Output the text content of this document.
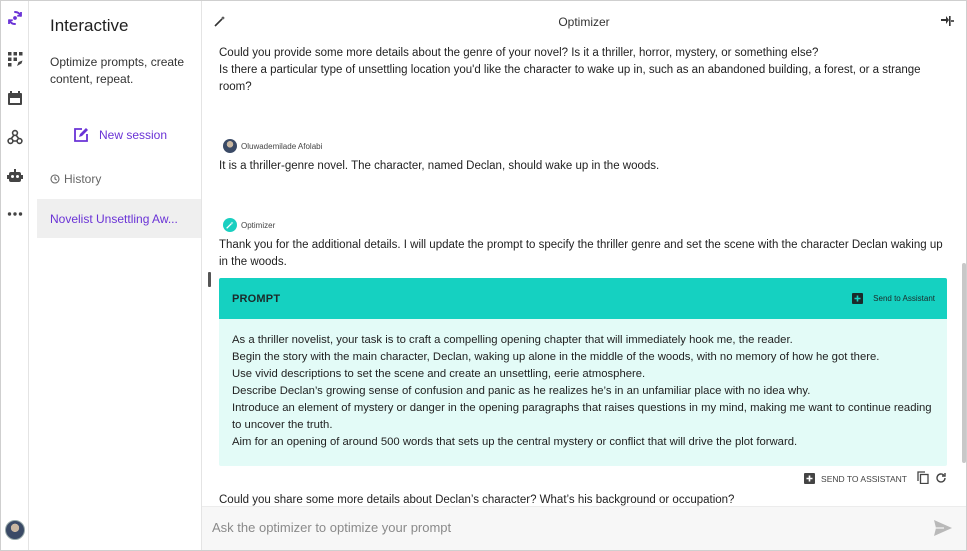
Interactive
Optimize prompts, create content, repeat.
New session
History
Novelist Unsettling Aw...
Optimizer
Could you provide some more details about the genre of your novel? Is it a thriller, horror, mystery, or something else?
Is there a particular type of unsettling location you'd like the character to wake up in, such as an abandoned building, a forest, or a strange room?
Oluwademilade Afolabi
It is a thriller-genre novel. The character, named Declan, should wake up in the woods.
Optimizer
Thank you for the additional details. I will update the prompt to specify the thriller genre and set the scene with the character Declan waking up in the woods.
PROMPT	Send to Assistant
As a thriller novelist, your task is to craft a compelling opening chapter that will immediately hook me, the reader.
Begin the story with the main character, Declan, waking up alone in the middle of the woods, with no memory of how he got there.
Use vivid descriptions to set the scene and create an unsettling, eerie atmosphere.
Describe Declan’s growing sense of confusion and panic as he realizes he’s in an unfamiliar place with no idea why.
Introduce an element of mystery or danger in the opening paragraphs that raises questions in my mind, making me want to continue reading to uncover the truth.
Aim for an opening of around 500 words that sets up the central mystery or conflict that will drive the plot forward.
SEND TO ASSISTANT
Could you share some more details about Declan’s character? What’s his background or occupation?
Ask the optimizer to optimize your prompt
